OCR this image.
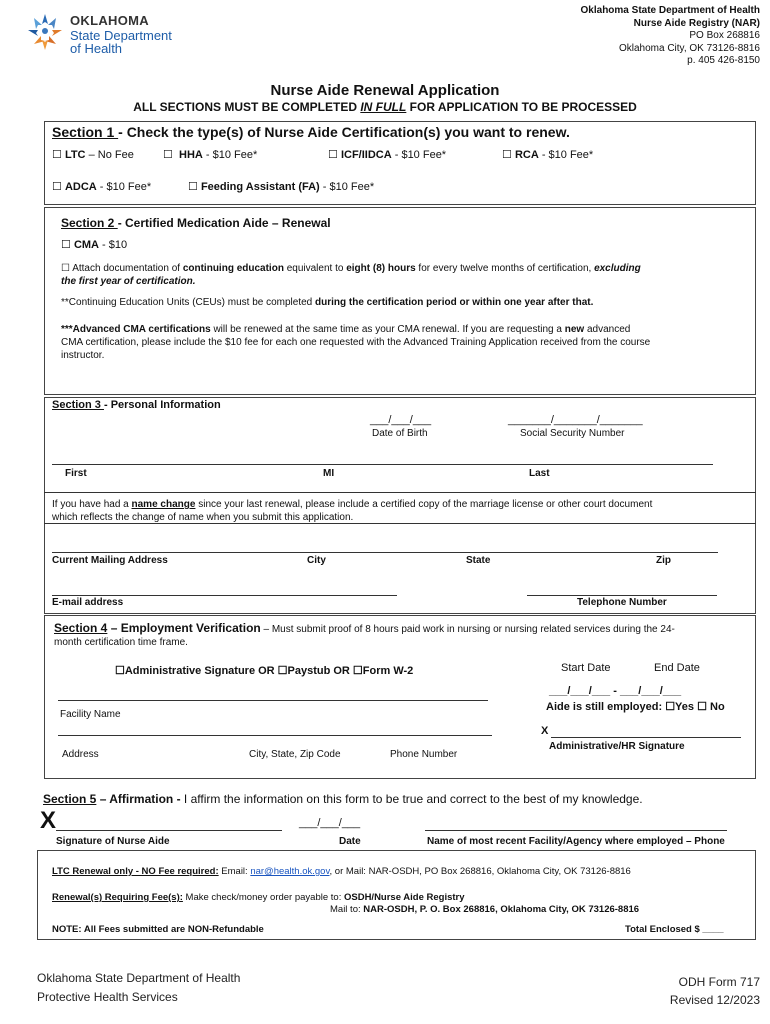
OKLAHOMA
State Department
of Health
Oklahoma State Department of Health
Nurse Aide Registry (NAR)
PO Box 268816
Oklahoma City, OK 73126-8816
p. 405 426-8150
Nurse Aide Renewal Application
ALL SECTIONS MUST BE COMPLETED IN FULL FOR APPLICATION TO BE PROCESSED
Section 1 - Check the type(s) of Nurse Aide Certification(s) you want to renew.
☐ LTC – No Fee	☐ HHA - $10 Fee*	☐ ICF/IIDCA - $10 Fee*	☐ RCA - $10 Fee*
☐ ADCA - $10 Fee*	☐ Feeding Assistant (FA) - $10 Fee*
Section 2 - Certified Medication Aide – Renewal
☐ CMA - $10
☐ Attach documentation of continuing education equivalent to eight (8) hours for every twelve months of certification, excluding
the first year of certification.
**Continuing Education Units (CEUs) must be completed during the certification period or within one year after that.
***Advanced CMA certifications will be renewed at the same time as your CMA renewal. If you are requesting a new advanced
CMA certification, please include the $10 fee for each one requested with the Advanced Training Application received from the course
instructor.
Section 3 - Personal Information
___/___/___
Date of Birth
_______/_______/_______
Social Security Number
First	MI	Last
If you have had a name change since your last renewal, please include a certified copy of the marriage license or other court document
which reflects the change of name when you submit this application.
Current Mailing Address	City	State	Zip
E-mail address	Telephone Number
Section 4 – Employment Verification – Must submit proof of 8 hours paid work in nursing or nursing related services during the 24-
month certification time frame.
☐Administrative Signature OR ☐Paystub OR ☐Form W-2	Start Date	End Date
___/___/___ - ___/___/___
Aide is still employed: ☐Yes ☐ No
Facility Name
X
Administrative/HR Signature
Address	City, State, Zip Code	Phone Number
Section 5 – Affirmation - I affirm the information on this form to be true and correct to the best of my knowledge.
X	___/___/___
Signature of Nurse Aide	Date	Name of most recent Facility/Agency where employed – Phone
LTC Renewal only - NO Fee required: Email: nar@health.ok.gov, or Mail: NAR-OSDH, PO Box 268816, Oklahoma City, OK 73126-8816
Renewal(s) Requiring Fee(s): Make check/money order payable to: OSDH/Nurse Aide Registry
Mail to: NAR-OSDH, P. O. Box 268816, Oklahoma City, OK 73126-8816
NOTE: All Fees submitted are NON-Refundable	Total Enclosed $ ____
Oklahoma State Department of Health
Protective Health Services
ODH Form 717
Revised 12/2023
